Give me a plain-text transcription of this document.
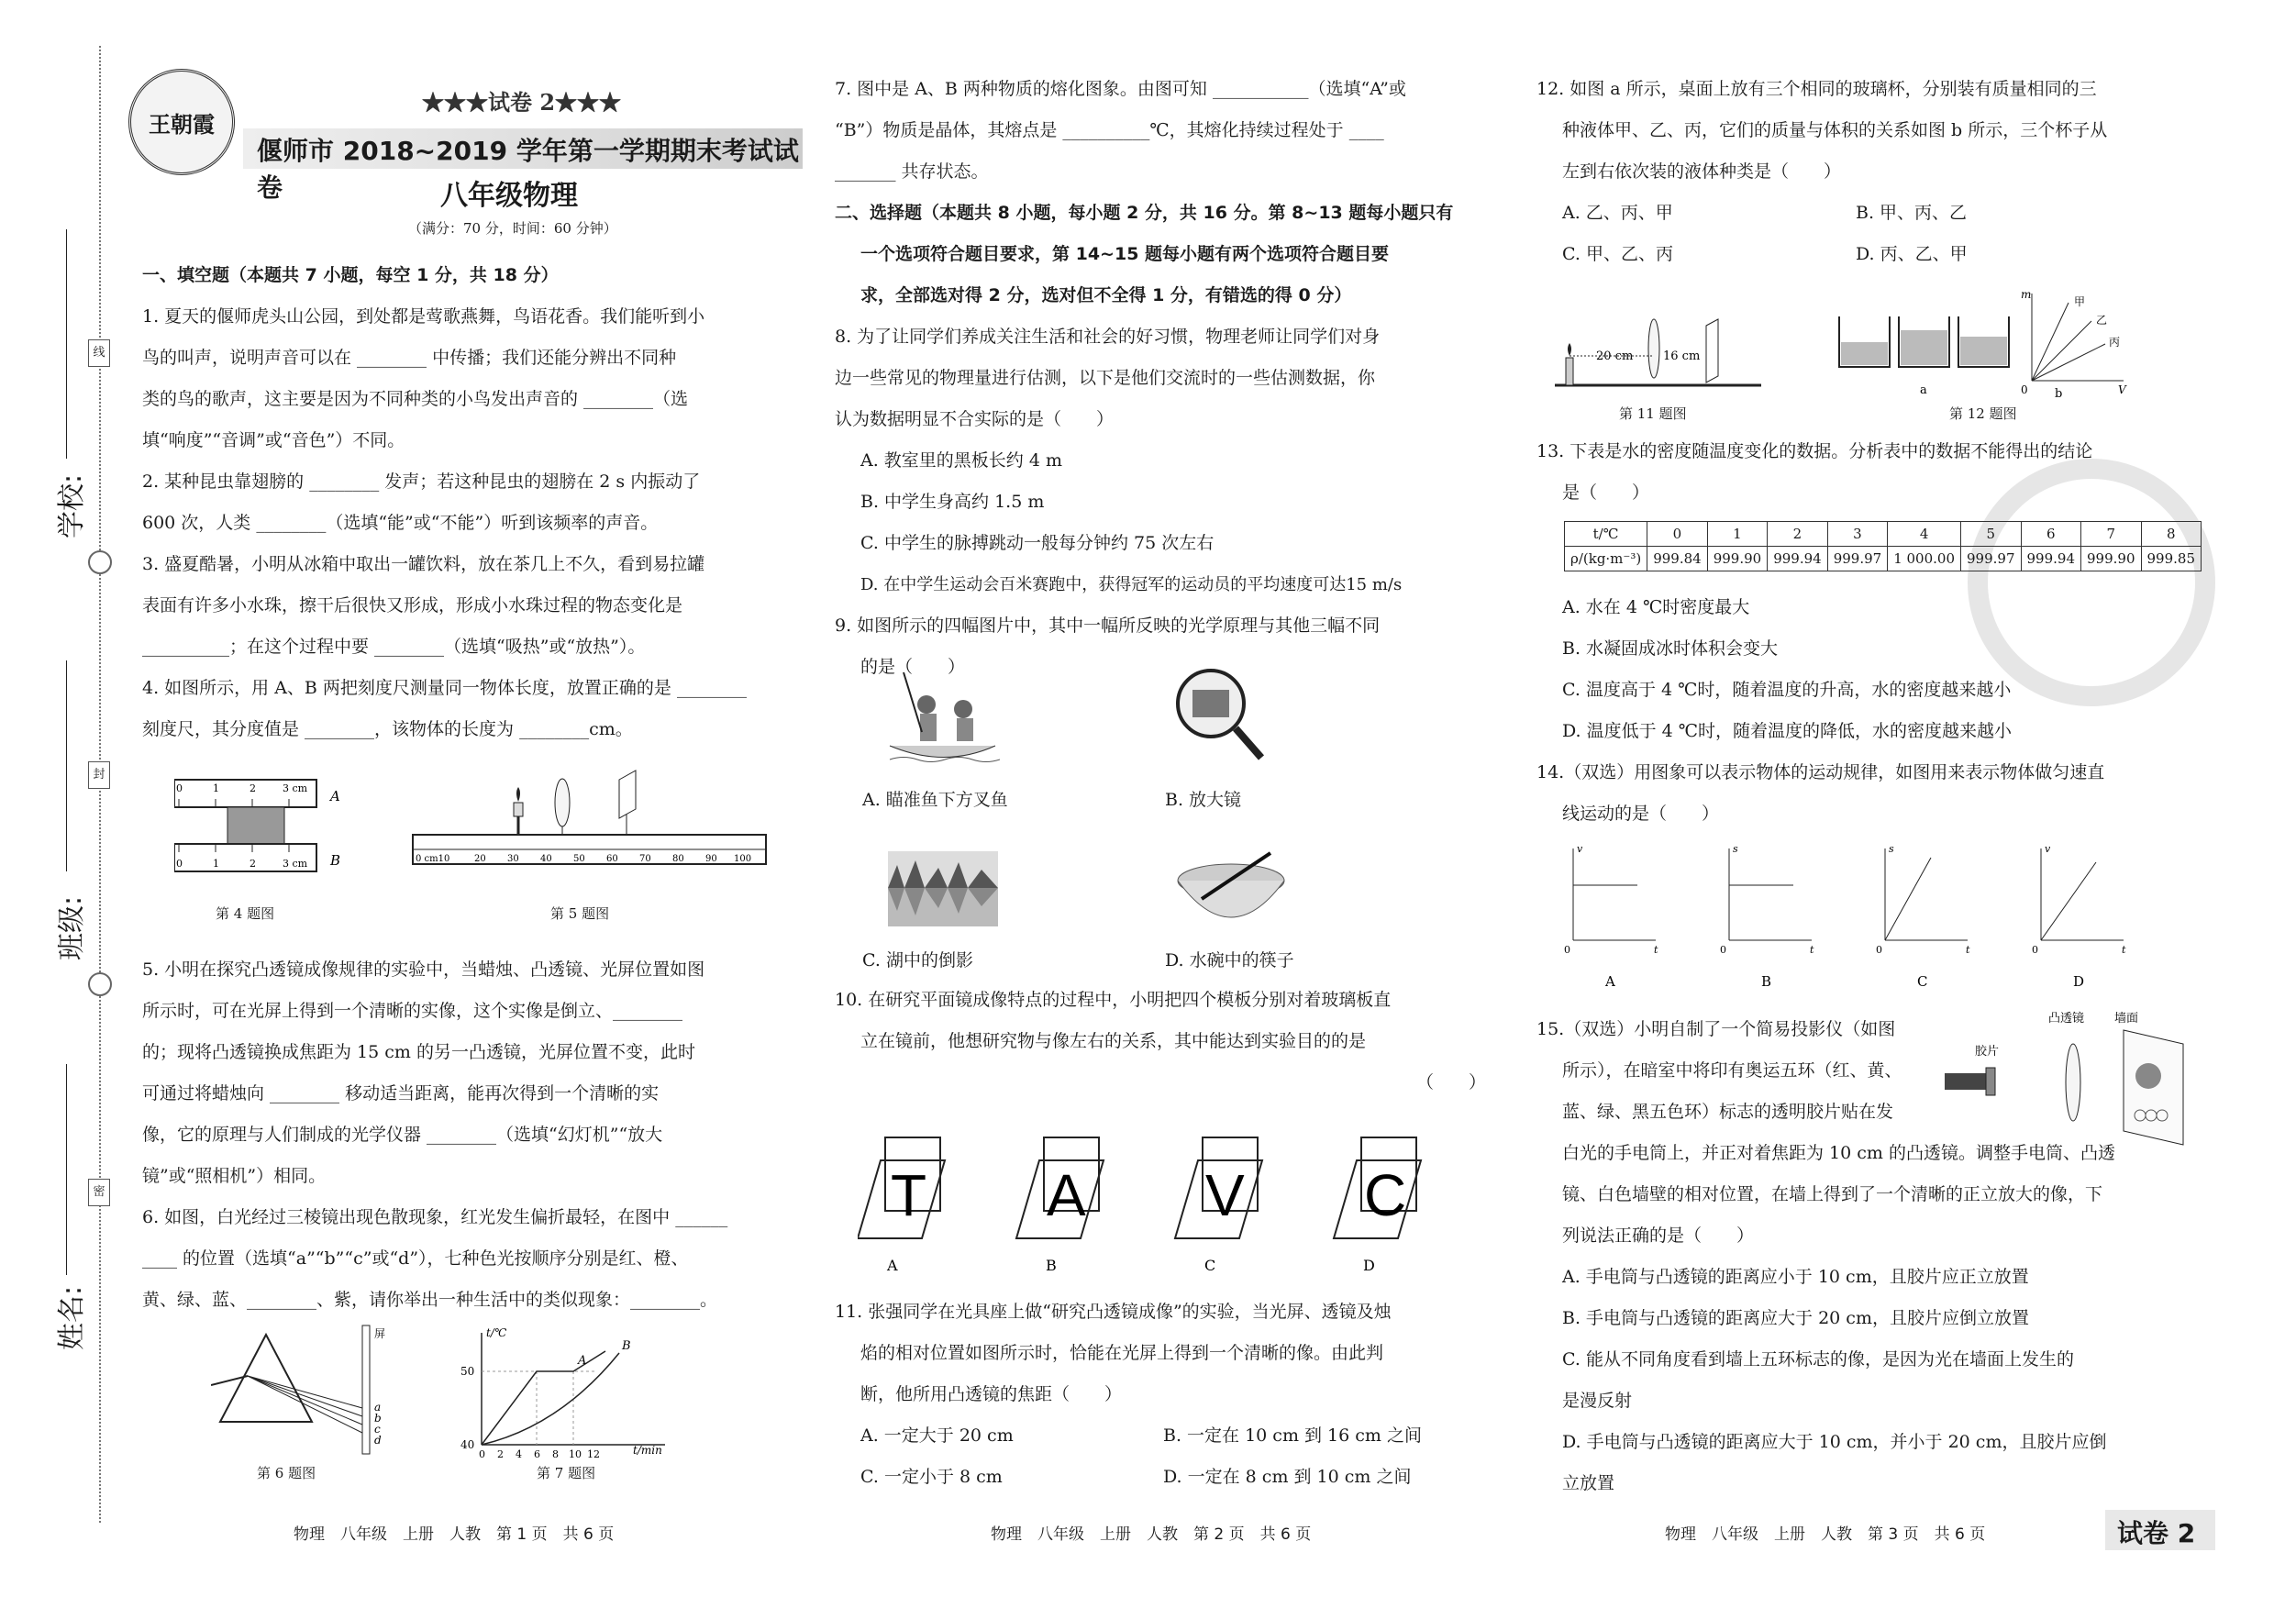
线
封
密
学校:
班级:
姓名:
王朝霞
★★★试卷 2★★★
偃师市 2018~2019 学年第一学期期末考试试卷	八年级物理
（满分：70 分，时间：60 分钟）
一、填空题（本题共 7 小题，每空 1 分，共 18 分）
1. 夏天的偃师虎头山公园，到处都是莺歌燕舞，鸟语花香。我们能听到小
鸟的叫声，说明声音可以在 ________ 中传播；我们还能分辨出不同种
类的鸟的歌声，这主要是因为不同种类的小鸟发出声音的 ________（选
填“响度”“音调”或“音色”）不同。
2. 某种昆虫靠翅膀的 ________ 发声；若这种昆虫的翅膀在 2 s 内振动了
600 次，人类 ________（选填“能”或“不能”）听到该频率的声音。
3. 盛夏酷暑，小明从冰箱中取出一罐饮料，放在茶几上不久，看到易拉罐
表面有许多小水珠，擦干后很快又形成，形成小水珠过程的物态变化是
__________；在这个过程中要 ________（选填“吸热”或“放热”）。
4. 如图所示，用 A、B 两把刻度尺测量同一物体长度，放置正确的是 ________
刻度尺，其分度值是 ________，该物体的长度为 ________cm。
0	1	2	3 cm
0	1	2	3 cm
A
B
第 4 题图
0 cm10	20 30 40 50 60 70 80 90 100
第 5 题图
5. 小明在探究凸透镜成像规律的实验中，当蜡烛、凸透镜、光屏位置如图
所示时，可在光屏上得到一个清晰的实像，这个实像是倒立、________
的；现将凸透镜换成焦距为 15 cm 的另一凸透镜，光屏位置不变，此时
可通过将蜡烛向 ________ 移动适当距离，能再次得到一个清晰的实
像，它的原理与人们制成的光学仪器 ________（选填“幻灯机”“放大
镜”或“照相机”）相同。
6. 如图，白光经过三棱镜出现色散现象，红光发生偏折最轻，在图中 ______
____ 的位置（选填“a”“b”“c”或“d”），七种色光按顺序分别是红、橙、
黄、绿、蓝、________、紫，请你举出一种生活中的类似现象：________。
屏
a
b
c
d
第 6 题图
t/℃
t/min
50
40
0 2 4 6 8 10 12
A
B
第 7 题图
物理　八年级　上册　人教　第 1 页　共 6 页
7. 图中是 A、B 两种物质的熔化图象。由图可知 ___________（选填“A”或
“B”）物质是晶体，其熔点是 __________℃，其熔化持续过程处于 ____
_______ 共存状态。
二、选择题（本题共 8 小题，每小题 2 分，共 16 分。第 8~13 题每小题只有
一个选项符合题目要求，第 14~15 题每小题有两个选项符合题目要
求，全部选对得 2 分，选对但不全得 1 分，有错选的得 0 分）
8. 为了让同学们养成关注生活和社会的好习惯，物理老师让同学们对身
边一些常见的物理量进行估测，以下是他们交流时的一些估测数据，你
认为数据明显不合实际的是（　　）
A. 教室里的黑板长约 4 m
B. 中学生身高约 1.5 m
C. 中学生的脉搏跳动一般每分钟约 75 次左右
D. 在中学生运动会百米赛跑中，获得冠军的运动员的平均速度可达15 m/s
9. 如图所示的四幅图片中，其中一幅所反映的光学原理与其他三幅不同
的是（　　）
A. 瞄准鱼下方叉鱼	B. 放大镜
C. 湖中的倒影	D. 水碗中的筷子
10. 在研究平面镜成像特点的过程中，小明把四个模板分别对着玻璃板直
立在镜前，他想研究物与像左右的关系，其中能达到实验目的的是
（　　）
T A V C
A	B	C	D
11. 张强同学在光具座上做“研究凸透镜成像”的实验，当光屏、透镜及烛
焰的相对位置如图所示时，恰能在光屏上得到一个清晰的像。由此判
断，他所用凸透镜的焦距（　　）
A. 一定大于 20 cm	B. 一定在 10 cm 到 16 cm 之间
C. 一定小于 8 cm	D. 一定在 8 cm 到 10 cm 之间
物理　八年级　上册　人教　第 2 页　共 6 页
12. 如图 a 所示，桌面上放有三个相同的玻璃杯，分别装有质量相同的三
种液体甲、乙、丙，它们的质量与体积的关系如图 b 所示，三个杯子从
左到右依次装的液体种类是（　　）
A. 乙、丙、甲	B. 甲、丙、乙
C. 甲、乙、丙	D. 丙、乙、甲
20 cm	16 cm
第 11 题图
甲
乙
丙
m
V
0
a	b
第 12 题图
13. 下表是水的密度随温度变化的数据。分析表中的数据不能得出的结论
是（　　）
t/℃	0	1	2	3	4	5	6	7	8
ρ/(kg·m⁻³)	999.84	999.90	999.94	999.97	1 000.00	999.97	999.94	999.90	999.85
A. 水在 4 ℃时密度最大
B. 水凝固成冰时体积会变大
C. 温度高于 4 ℃时，随着温度的升高，水的密度越来越小
D. 温度低于 4 ℃时，随着温度的降低，水的密度越来越小
14.（双选）用图象可以表示物体的运动规律，如图用来表示物体做匀速直
线运动的是（　　）
v
t
0
A
s
t
0
B
s
t
0
C
v
t
0
D
15.（双选）小明自制了一个简易投影仪（如图
所示），在暗室中将印有奥运五环（红、黄、
蓝、绿、黑五色环）标志的透明胶片贴在发
白光的手电筒上，并正对着焦距为 10 cm 的凸透镜。调整手电筒、凸透
镜、白色墙壁的相对位置，在墙上得到了一个清晰的正立放大的像，下
列说法正确的是（　　）
A. 手电筒与凸透镜的距离应小于 10 cm，且胶片应正立放置
B. 手电筒与凸透镜的距离应大于 20 cm，且胶片应倒立放置
C. 能从不同角度看到墙上五环标志的像，是因为光在墙面上发生的
是漫反射
D. 手电筒与凸透镜的距离应大于 10 cm，并小于 20 cm，且胶片应倒
立放置
凸透镜	墙面
胶片
物理　八年级　上册　人教　第 3 页　共 6 页	试卷 2
